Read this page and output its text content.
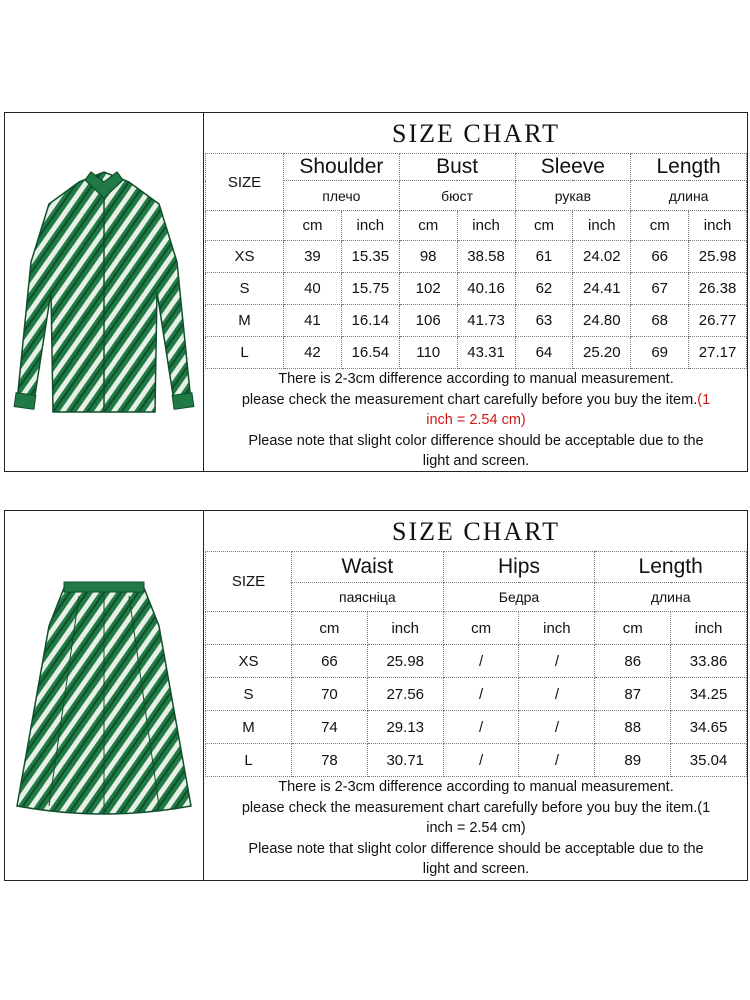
SIZE CHART
SIZE	Shoulder		Bust		Sleeve		Length	
	плечо		бюст		рукав		длина	
	cm	inch	cm	inch	cm	inch	cm	inch
XS	39	15.35	98	38.58	61	24.02	66	25.98
S	40	15.75	102	40.16	62	24.41	67	26.38
M	41	16.14	106	41.73	63	24.80	68	26.77
L	42	16.54	110	43.31	64	25.20	69	27.17
There is 2-3cm difference according to manual measurement.
please check the measurement chart carefully before you buy the item.(1
inch = 2.54 cm)
Please note that slight color difference should be acceptable due to the
light and screen.
SIZE CHART
SIZE	Waist		Hips		Length	
	паясніца		Бедра		длина	
	cm	inch	cm	inch	cm	inch
XS	66	25.98	/	/	86	33.86
S	70	27.56	/	/	87	34.25
M	74	29.13	/	/	88	34.65
L	78	30.71	/	/	89	35.04
There is 2-3cm difference according to manual measurement.
please check the measurement chart carefully before you buy the item.(1
inch = 2.54 cm)
Please note that slight color difference should be acceptable due to the
light and screen.
